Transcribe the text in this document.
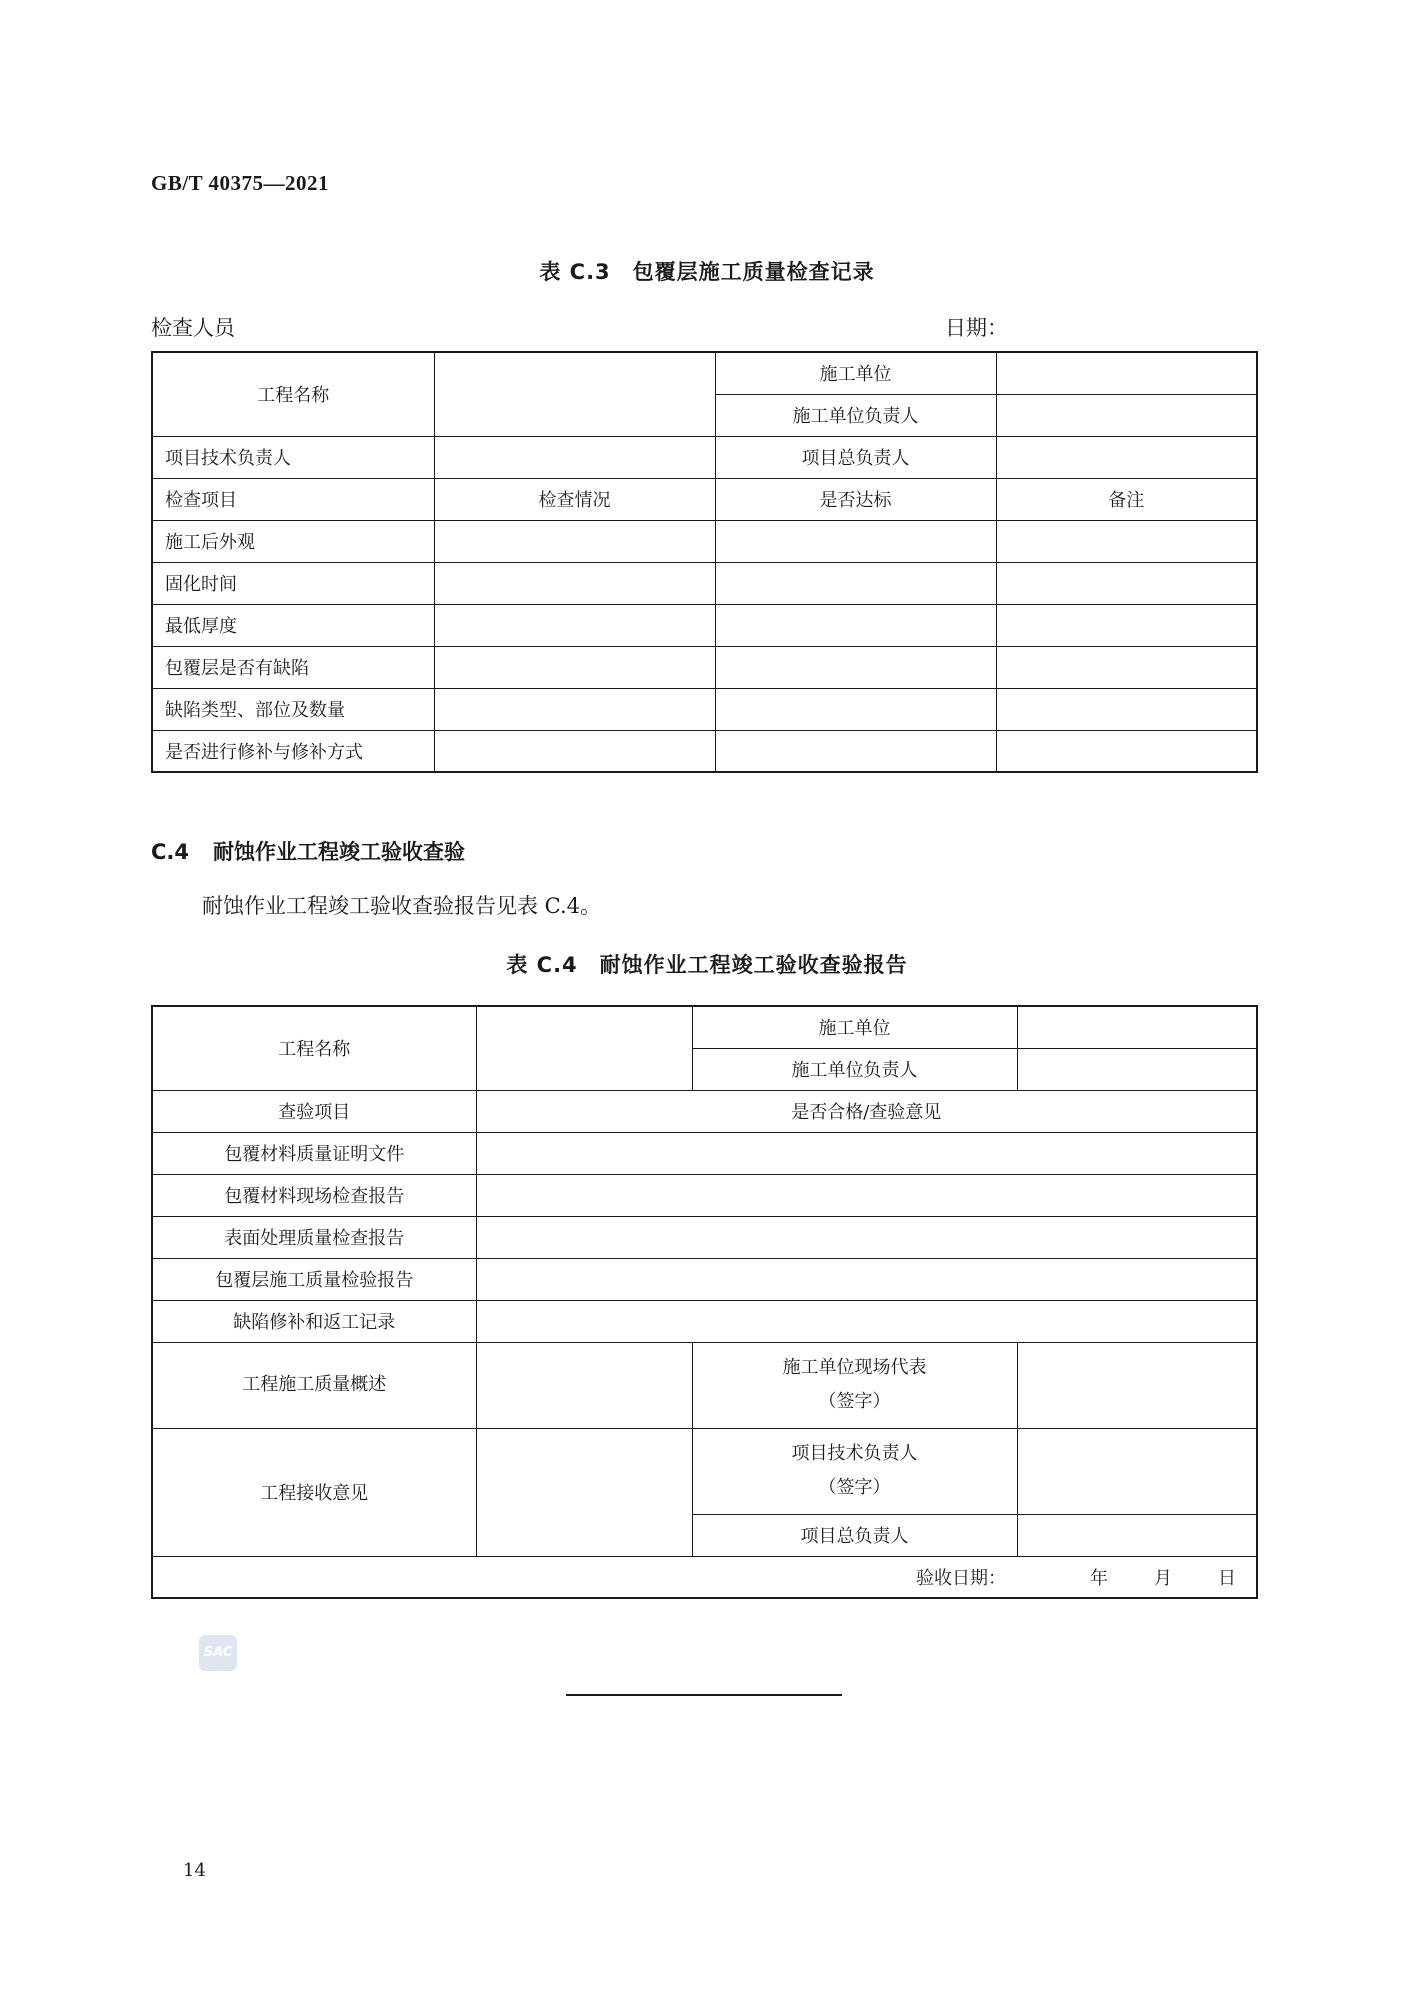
GB/T 40375—2021
表 C.3　包覆层施工质量检查记录
检查人员	日期：
工程名称		施工单位	
		施工单位负责人	
项目技术负责人		项目总负责人	
检查项目	检查情况	是否达标	备注
施工后外观			
固化时间			
最低厚度			
包覆层是否有缺陷			
缺陷类型、部位及数量			
是否进行修补与修补方式			
C.4 耐蚀作业工程竣工验收查验
耐蚀作业工程竣工验收查验报告见表 C.4。
表 C.4　耐蚀作业工程竣工验收查验报告
工程名称		施工单位	
		施工单位负责人	
查验项目	是否合格/查验意见		
包覆材料质量证明文件			
包覆材料现场检查报告			
表面处理质量检查报告			
包覆层施工质量检验报告			
缺陷修补和返工记录			
工程施工质量概述		施工单位现场代表
（签字）	
工程接收意见		项目技术负责人
（签字）	
		项目总负责人	
验收日期： 年 月 日			
SAC
14
